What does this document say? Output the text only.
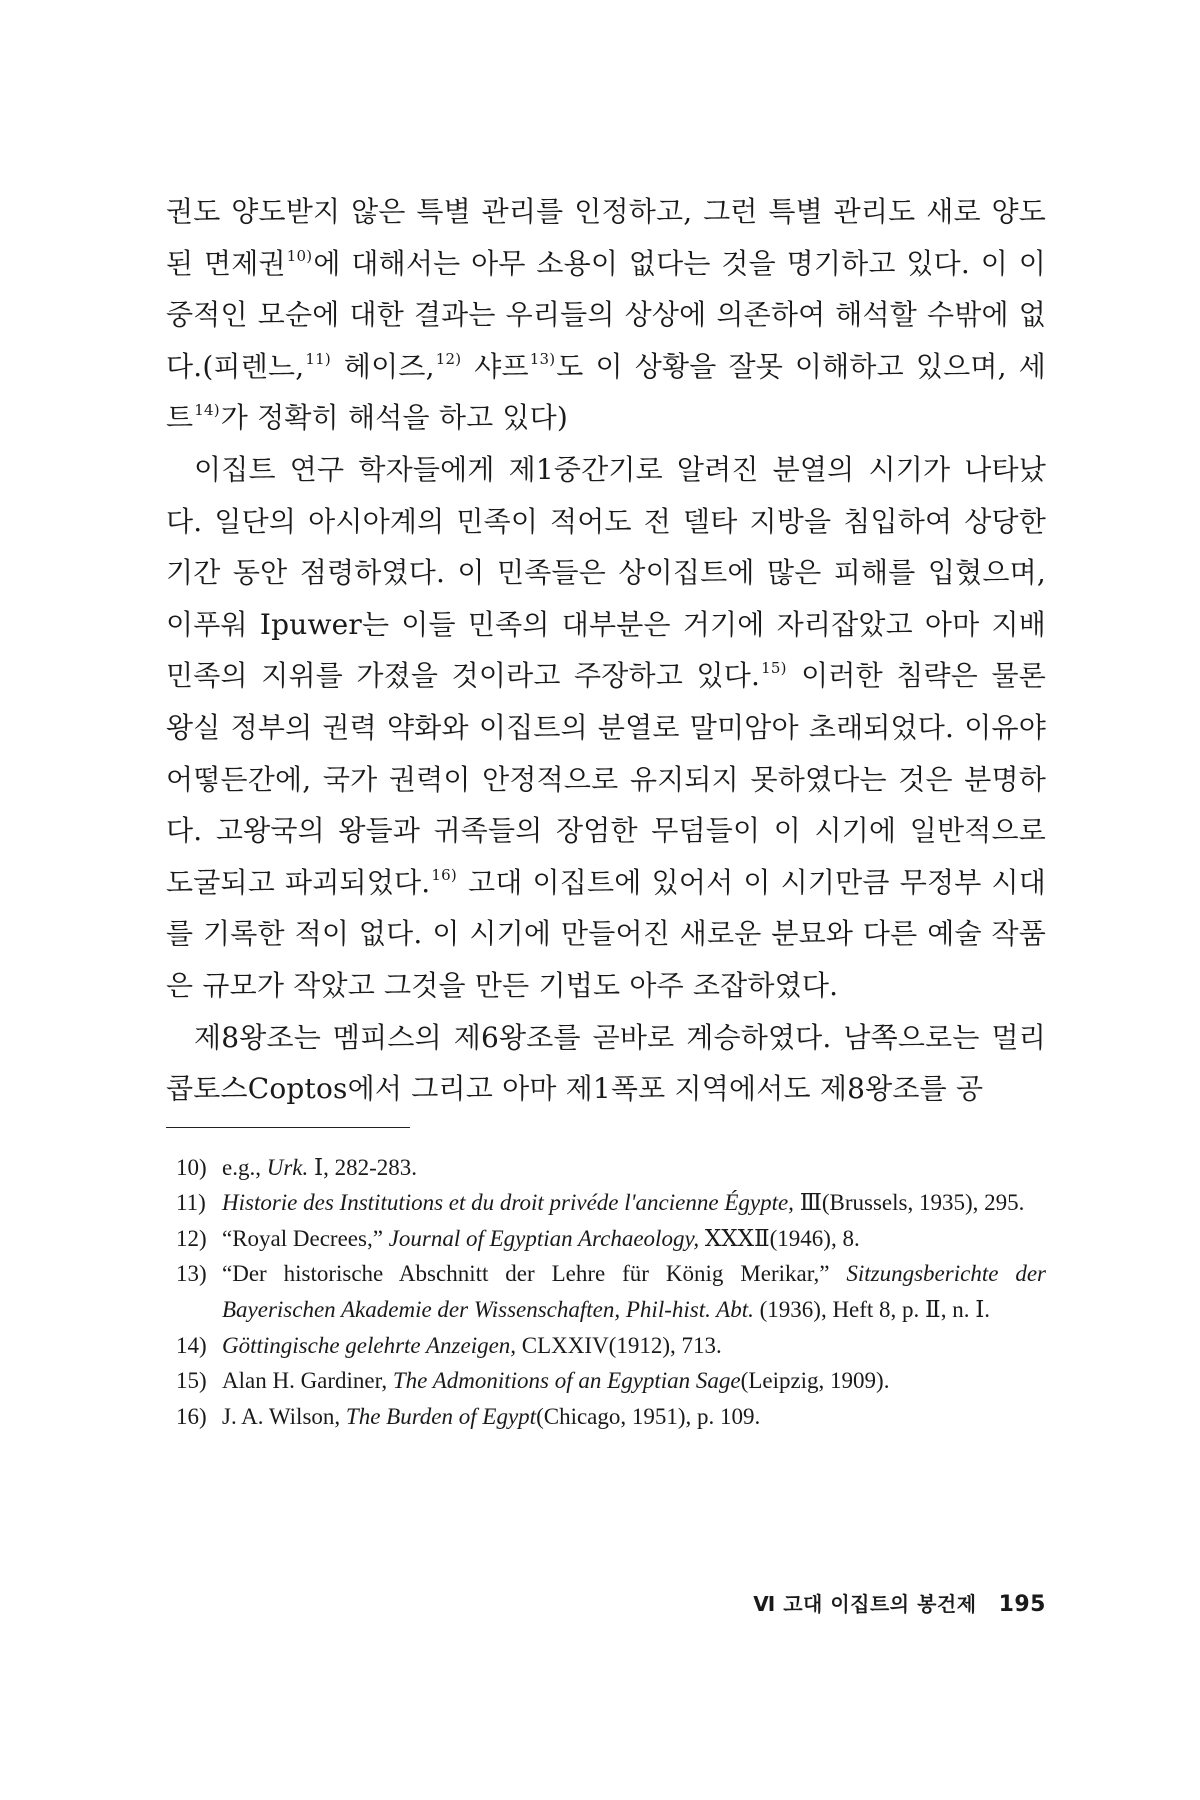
권도 양도받지 않은 특별 관리를 인정하고, 그런 특별 관리도 새로 양도된 면제권$^{10)}$에 대해서는 아무 소용이 없다는 것을 명기하고 있다. 이 이중적인 모순에 대한 결과는 우리들의 상상에 의존하여 해석할 수밖에 없다.(피렌느,$^{11)}$ 헤이즈,$^{12)}$ 샤프$^{13)}$도 이 상황을 잘못 이해하고 있으며, 세트$^{14)}$가 정확히 해석을 하고 있다)

이집트 연구 학자들에게 제1중간기로 알려진 분열의 시기가 나타났다. 일단의 아시아계의 민족이 적어도 전 델타 지방을 침입하여 상당한 기간 동안 점령하였다. 이 민족들은 상이집트에 많은 피해를 입혔으며, 이푸워 Ipuwer는 이들 민족의 대부분은 거기에 자리잡았고 아마 지배 민족의 지위를 가졌을 것이라고 주장하고 있다.$^{15)}$ 이러한 침략은 물론 왕실 정부의 권력 약화와 이집트의 분열로 말미암아 초래되었다. 이유야 어떻든간에, 국가 권력이 안정적으로 유지되지 못하였다는 것은 분명하다. 고왕국의 왕들과 귀족들의 장엄한 무덤들이 이 시기에 일반적으로 도굴되고 파괴되었다.$^{16)}$ 고대 이집트에 있어서 이 시기만큼 무정부 시대를 기록한 적이 없다. 이 시기에 만들어진 새로운 분묘와 다른 예술 작품은 규모가 작았고 그것을 만든 기법도 아주 조잡하였다.

제8왕조는 멤피스의 제6왕조를 곧바로 계승하였다. 남쪽으로는 멀리 콥토스Coptos에서 그리고 아마 제1폭포 지역에서도 제8왕조를 공

10) e.g., Urk. Ⅰ, 282-283.
11) Historie des Institutions et du droit privéde l'ancienne Égypte, Ⅲ(Brussels, 1935), 295.
12) “Royal Decrees,” Journal of Egyptian Archaeology, ⅩⅩⅩⅡ(1946), 8.
13) “Der historische Abschnitt der Lehre für König Merikar,” Sitzungsberichte der Bayerischen Akademie der Wissenschaften, Phil-hist. Abt. (1936), Heft 8, p. Ⅱ, n. Ⅰ.
14) Göttingische gelehrte Anzeigen, CLXXIV(1912), 713.
15) Alan H. Gardiner, The Admonitions of an Egyptian Sage(Leipzig, 1909).
16) J. A. Wilson, The Burden of Egypt(Chicago, 1951), p. 109.
Ⅵ 고대 이집트의 봉건제 195
